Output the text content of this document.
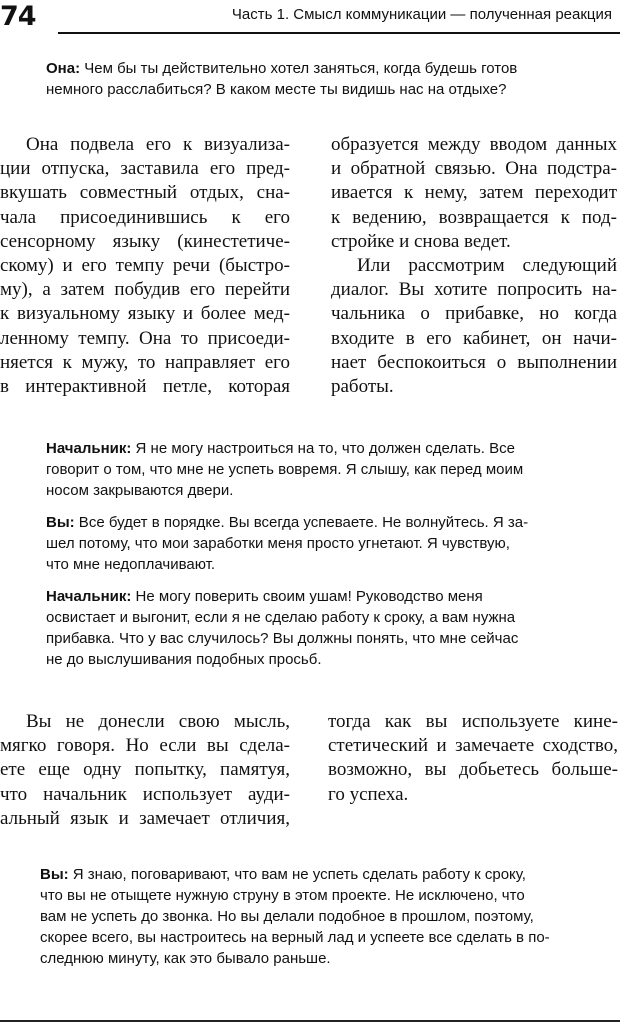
74	Часть 1. Смысл коммуникации — полученная реакция
Она: Чем бы ты действительно хотел заняться, когда будешь готов
немного расслабиться? В каком месте ты видишь нас на отдыхе?
Она подвела его к визуализа-
ции отпуска, заставила его пред-
вкушать совместный отдых, сна-
чала присоединившись к его
сенсорному языку (кинестетиче-
скому) и его темпу речи (быстро-
му), а затем побудив его перейти
к визуальному языку и более мед-
ленному темпу. Она то присоеди-
няется к мужу, то направляет его
в интерактивной петле, которая
образуется между вводом данных
и обратной связью. Она подстра-
ивается к нему, затем переходит
к ведению, возвращается к под-
стройке и снова ведет.
Или рассмотрим следующий
диалог. Вы хотите попросить на-
чальника о прибавке, но когда
входите в его кабинет, он начи-
нает беспокоиться о выполнении
работы.
Начальник: Я не могу настроиться на то, что должен сделать. Все
говорит о том, что мне не успеть вовремя. Я слышу, как перед моим
носом закрываются двери.
Вы: Все будет в порядке. Вы всегда успеваете. Не волнуйтесь. Я за-
шел потому, что мои заработки меня просто угнетают. Я чувствую,
что мне недоплачивают.
Начальник: Не могу поверить своим ушам! Руководство меня
освистает и выгонит, если я не сделаю работу к сроку, а вам нужна
прибавка. Что у вас случилось? Вы должны понять, что мне сейчас
не до выслушивания подобных просьб.
Вы не донесли свою мысль,
мягко говоря. Но если вы сдела-
ете еще одну попытку, памятуя,
что начальник использует ауди-
альный язык и замечает отличия,
тогда как вы используете кине-
стетический и замечаете сходство,
возможно, вы добьетесь больше-
го успеха.
Вы: Я знаю, поговаривают, что вам не успеть сделать работу к сроку,
что вы не отыщете нужную струну в этом проекте. Не исключено, что
вам не успеть до звонка. Но вы делали подобное в прошлом, поэтому,
скорее всего, вы настроитесь на верный лад и успеете все сделать в по-
следнюю минуту, как это бывало раньше.
